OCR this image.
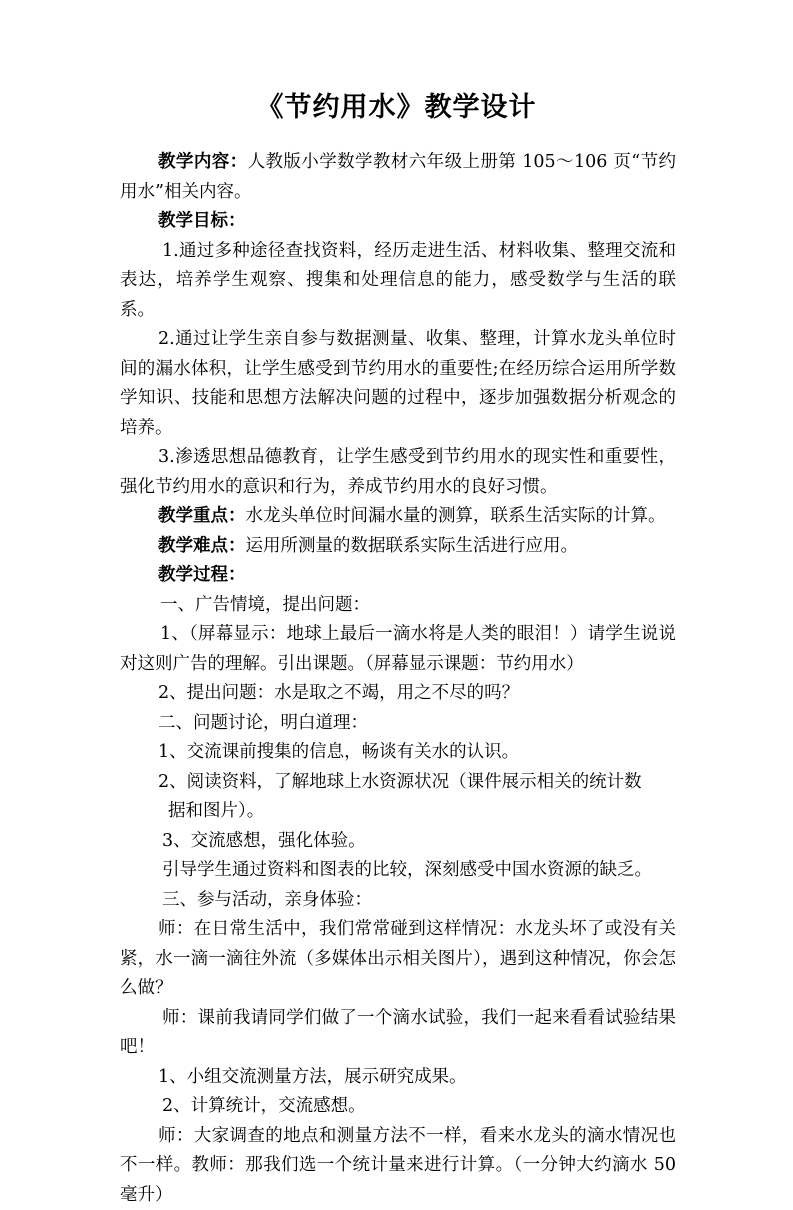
《节约用水》教学设计

教学内容：人教版小学数学教材六年级上册第 105～106 页“节约用水”相关内容。

教学目标：

1.通过多种途径查找资料，经历走进生活、材料收集、整理交流和表达，培养学生观察、搜集和处理信息的能力，感受数学与生活的联系。

2.通过让学生亲自参与数据测量、收集、整理，计算水龙头单位时间的漏水体积，让学生感受到节约用水的重要性;在经历综合运用所学数学知识、技能和思想方法解决问题的过程中，逐步加强数据分析观念的培养。

3.渗透思想品德教育，让学生感受到节约用水的现实性和重要性，强化节约用水的意识和行为，养成节约用水的良好习惯。

教学重点：水龙头单位时间漏水量的测算，联系生活实际的计算。

教学难点：运用所测量的数据联系实际生活进行应用。

教学过程：

一、广告情境，提出问题：

1、（屏幕显示：地球上最后一滴水将是人类的眼泪！）请学生说说对这则广告的理解。引出课题。（屏幕显示课题：节约用水）

2、提出问题：水是取之不竭，用之不尽的吗？

二、问题讨论，明白道理：

1、交流课前搜集的信息，畅谈有关水的认识。

2、阅读资料，了解地球上水资源状况（课件展示相关的统计数

据和图片）。

3、交流感想，强化体验。

引导学生通过资料和图表的比较，深刻感受中国水资源的缺乏。

三、参与活动，亲身体验：

师：在日常生活中，我们常常碰到这样情况：水龙头坏了或没有关紧，水一滴一滴往外流（多媒体出示相关图片），遇到这种情况，你会怎么做？

师：课前我请同学们做了一个滴水试验，我们一起来看看试验结果吧！

1、小组交流测量方法，展示研究成果。

2、计算统计，交流感想。

师：大家调查的地点和测量方法不一样，看来水龙头的滴水情况也不一样。教师：那我们选一个统计量来进行计算。（一分钟大约滴水 50 毫升）
